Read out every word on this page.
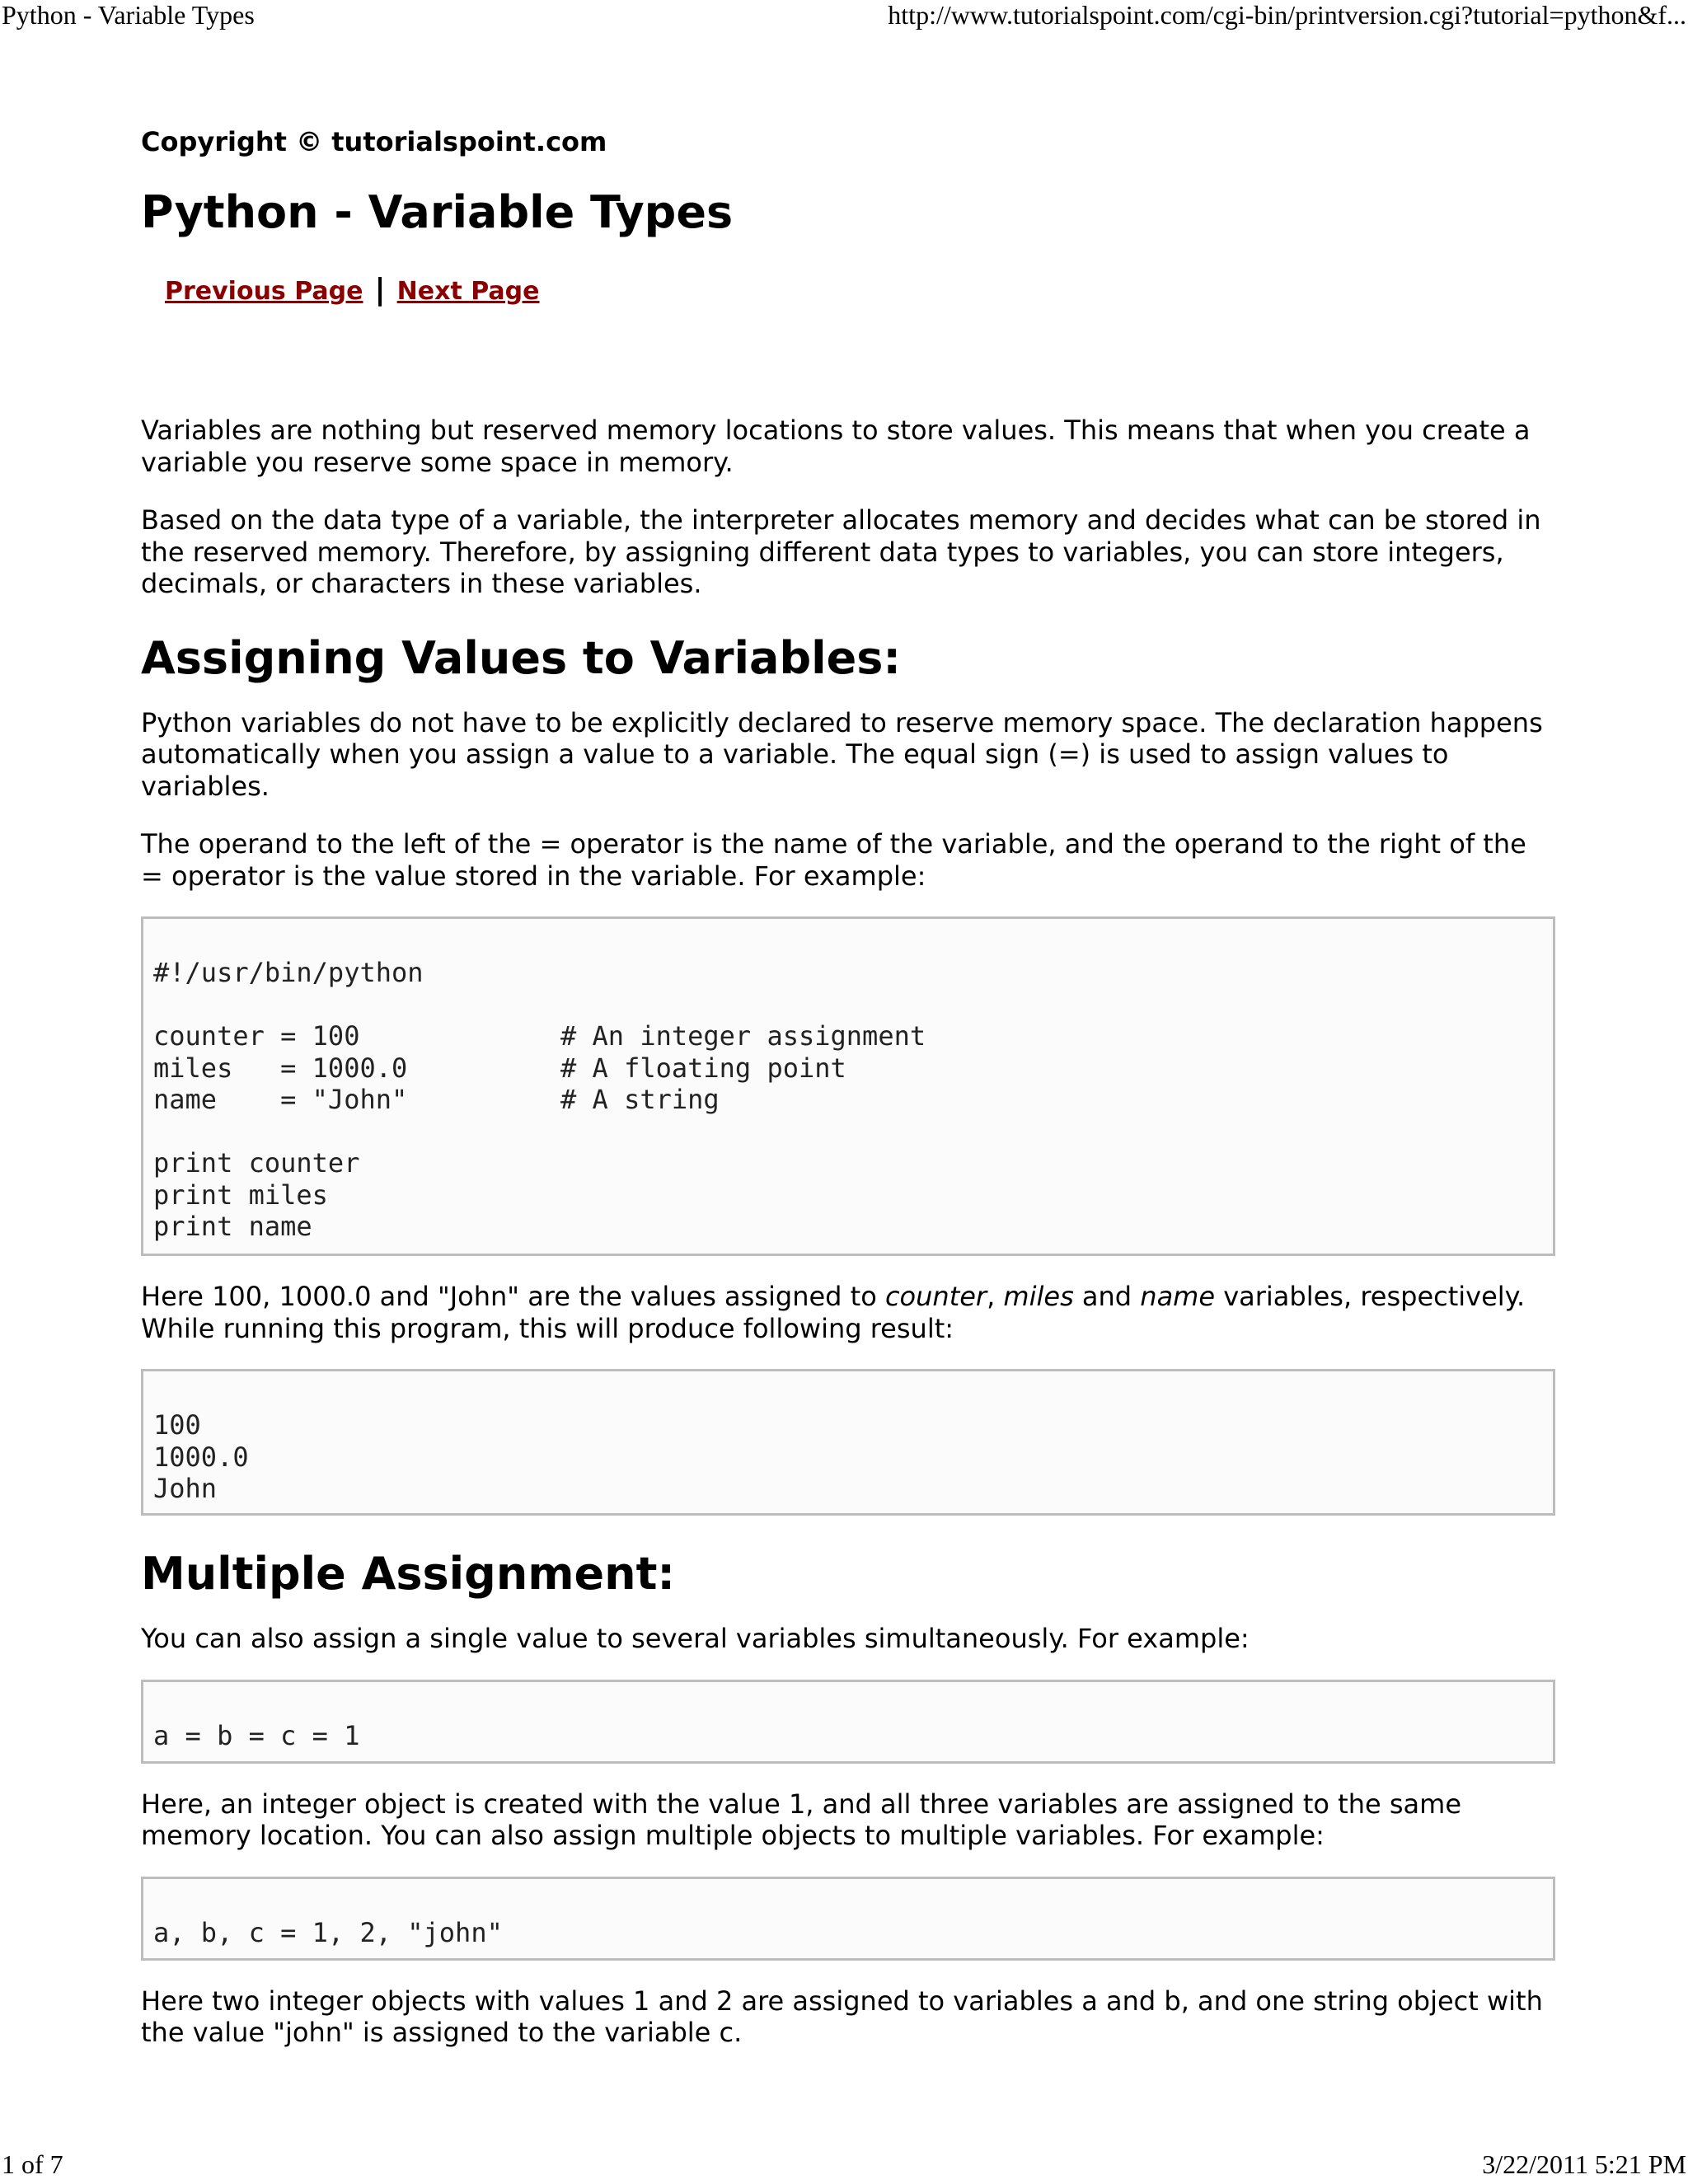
Python - Variable Types	http://www.tutorialspoint.com/cgi-bin/printversion.cgi?tutorial=python&f...

Copyright © tutorialspoint.com

Python - Variable Types
Previous Page | Next Page

Variables are nothing but reserved memory locations to store values. This means that when you create a variable you reserve some space in memory.

Based on the data type of a variable, the interpreter allocates memory and decides what can be stored in the reserved memory. Therefore, by assigning different data types to variables, you can store integers, decimals, or characters in these variables.

Assigning Values to Variables:

Python variables do not have to be explicitly declared to reserve memory space. The declaration happens automatically when you assign a value to a variable. The equal sign (=) is used to assign values to variables.

The operand to the left of the = operator is the name of the variable, and the operand to the right of the = operator is the value stored in the variable. For example:

#!/usr/bin/python
counter = 100	# An integer assignment
miles   = 1000.0	# A floating point
name    = "John"	# A string
print counter
print miles
print name

Here 100, 1000.0 and "John" are the values assigned to counter, miles and name variables, respectively. While running this program, this will produce following result:

100
1000.0
John
Multiple Assignment:

You can also assign a single value to several variables simultaneously. For example:

a = b = c = 1

Here, an integer object is created with the value 1, and all three variables are assigned to the same memory location. You can also assign multiple objects to multiple variables. For example:

a, b, c = 1, 2, "john"

Here two integer objects with values 1 and 2 are assigned to variables a and b, and one string object with the value "john" is assigned to the variable c.

1 of 7	3/22/2011 5:21 PM
